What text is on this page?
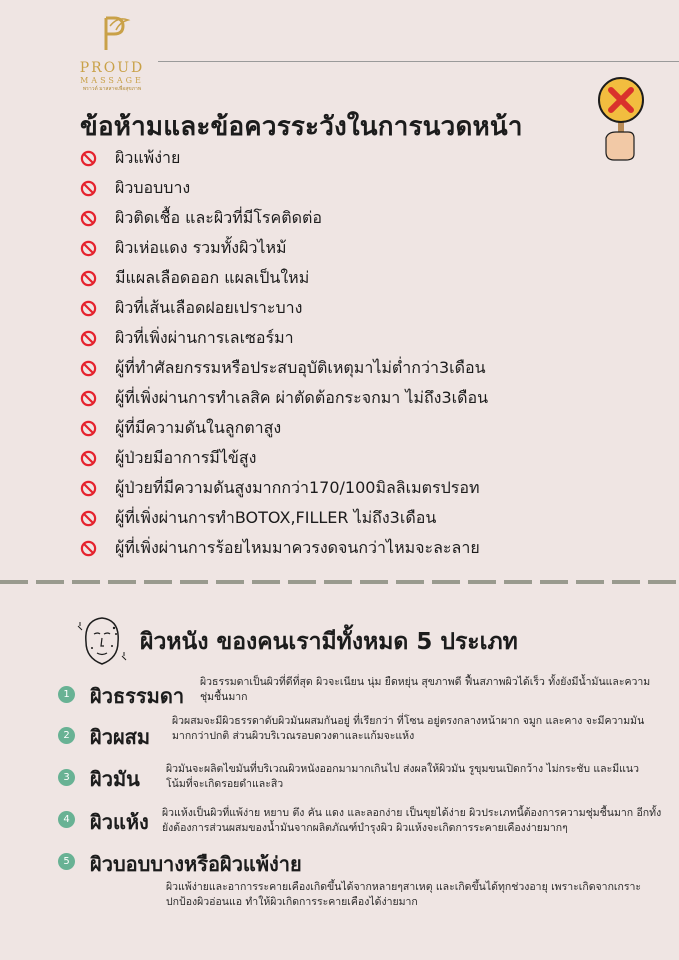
PROUD
MASSAGE
พราวด์ มาสสาจเพื่อสุขภาพ
ข้อห้ามและข้อควรระวังในการนวดหน้า
ผิวแพ้ง่าย
ผิวบอบบาง
ผิวติดเชื้อ และผิวที่มีโรคติดต่อ
ผิวเห่อแดง รวมทั้งผิวไหม้
มีแผลเลือดออก แผลเป็นใหม่
ผิวที่เส้นเลือดฝอยเปราะบาง
ผิวที่เพิ่งผ่านการเลเซอร์มา
ผู้ที่ทำศัลยกรรมหรือประสบอุบัติเหตุมาไม่ต่ำกว่า3เดือน
ผู้ที่เพิ่งผ่านการทำเลสิค ผ่าตัดต้อกระจกมา ไม่ถึง3เดือน
ผู้ที่มีความดันในลูกตาสูง
ผู้ป่วยมีอาการมีไข้สูง
ผู้ป่วยที่มีความดันสูงมากกว่า170/100มิลลิเมตรปรอท
ผู้ที่เพิ่งผ่านการทำBOTOX,FILLER ไม่ถึง3เดือน
ผู้ที่เพิ่งผ่านการร้อยไหมมาควรงดจนกว่าไหมจะละลาย
ผิวหนัง ของคนเรามีทั้งหมด 5 ประเภท
1 ผิวธรรมดา
ผิวธรรมดาเป็นผิวที่ดีที่สุด ผิวจะเนียน นุ่ม ยืดหยุ่น สุขภาพดี ฟื้นสภาพผิวได้เร็ว ทั้งยังมีน้ำมันและความชุ่มชื้นมาก
2 ผิวผสม
ผิวผสมจะมีผิวธรรดาดับผิวมันผสมกันอยู่ ที่เรียกว่า ที่โซน อยู่ตรงกลางหน้าผาก จมูก และคาง จะมีความมันมากกว่าปกติ ส่วนผิวบริเวณรอบดวงตาและแก้มจะแห้ง
3 ผิวมัน ผิวมันจะผลิตไขมันที่บริเวณผิวหนังออกมามากเกินไป ส่งผลให้ผิวมัน รูขุมขนเปิดกว้าง ไม่กระชับ และมีแนวโน้มที่จะเกิดรอยดำและสิว
4 ผิวแห้ง ผิวแห้งเป็นผิวที่แพ้ง่าย หยาบ ตึง คัน แดง และลอกง่าย เป็นขุยได้ง่าย ผิวประเภทนี้ต้องการความชุ่มชื้นมาก อีกทั้งยังต้องการส่วนผสมของน้ำมันจากผลิตภัณฑ์บำรุงผิว ผิวแห้งจะเกิดการระคายเคืองง่ายมากๆ
5 ผิวบอบบางหรือผิวแพ้ง่าย
ผิวแพ้ง่ายและอาการระคายเคืองเกิดขึ้นได้จากหลายๆสาเหตุ และเกิดขึ้นได้ทุกช่วงอายุ เพราะเกิดจากเกราะปกป้องผิวอ่อนแอ ทำให้ผิวเกิดการระคายเคืองได้ง่ายมาก
